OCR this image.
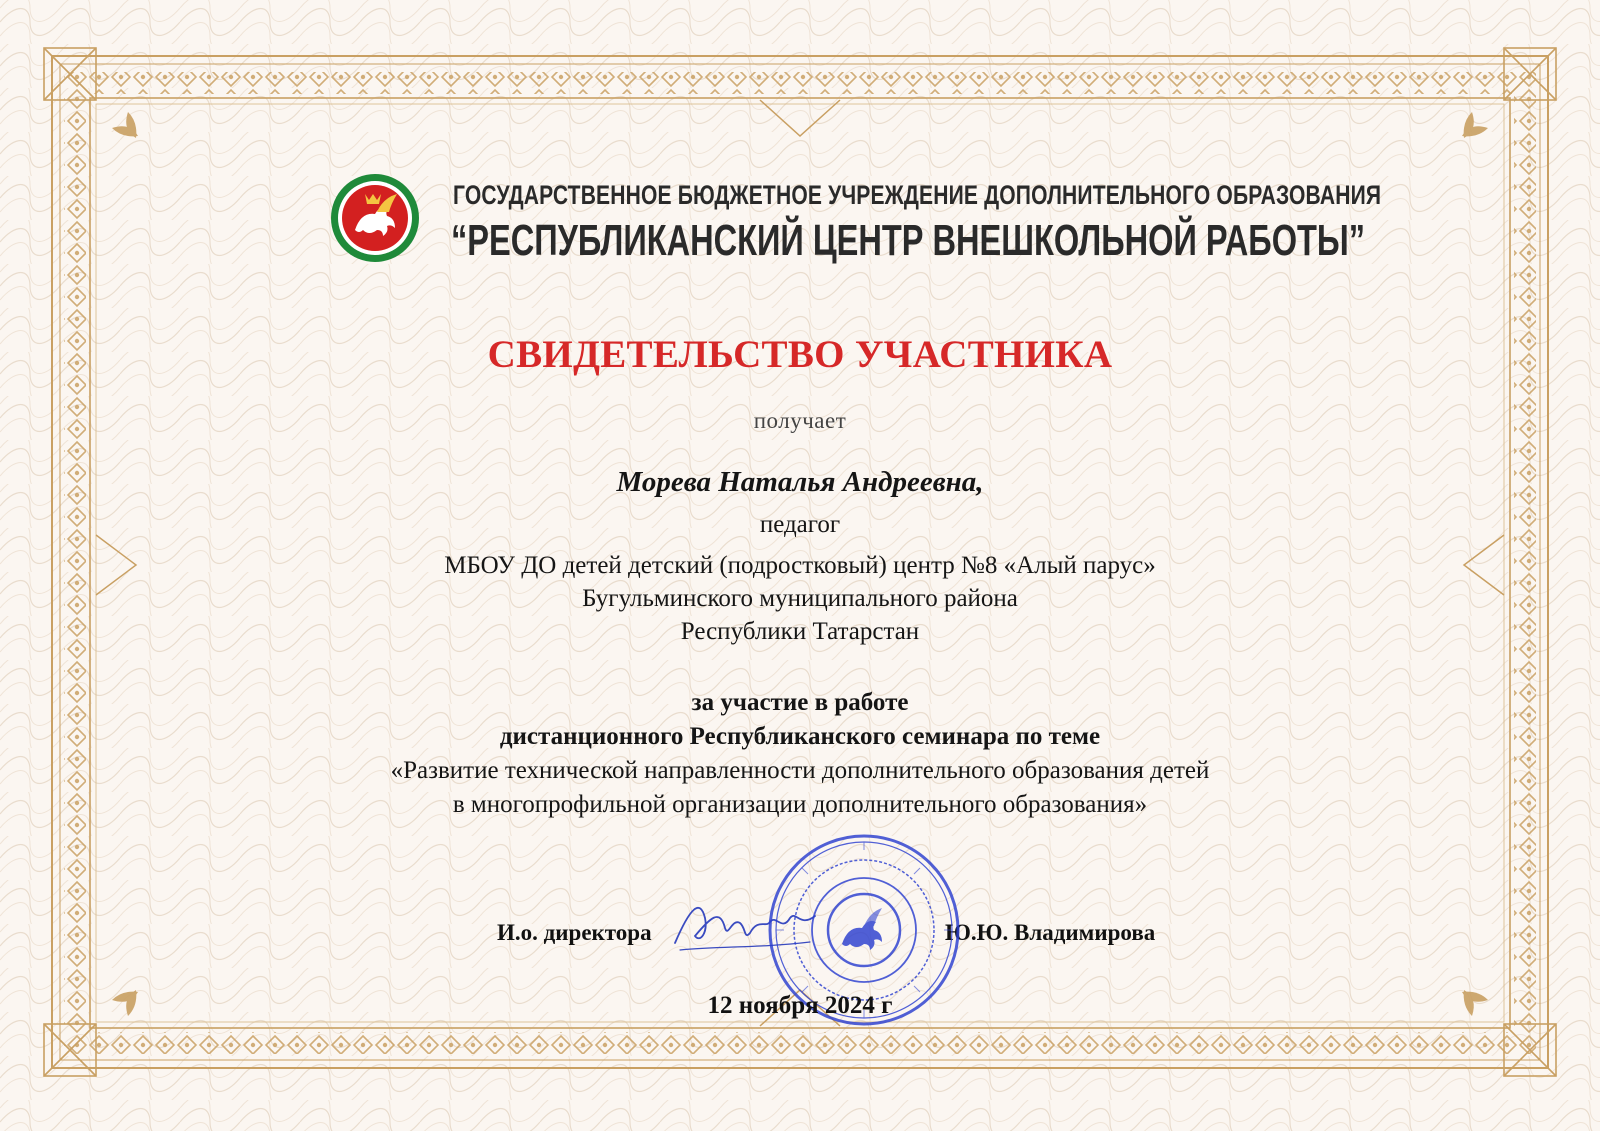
ГОСУДАРСТВЕННОЕ БЮДЖЕТНОЕ УЧРЕЖДЕНИЕ ДОПОЛНИТЕЛЬНОГО ОБРАЗОВАНИЯ
“РЕСПУБЛИКАНСКИЙ ЦЕНТР ВНЕШКОЛЬНОЙ РАБОТЫ”
СВИДЕТЕЛЬСТВО УЧАСТНИКА
получает
Морева Наталья Андреевна,
педагог
МБОУ ДО детей детский (подростковый) центр №8 «Алый парус»
Бугульминского муниципального района
Республики Татарстан
за участие в работе
дистанционного Республиканского семинара по теме
«Развитие технической направленности дополнительного образования детей
в многопрофильной организации дополнительного образования»
И.о. директора	Ю.Ю. Владимирова
12 ноября 2024 г
